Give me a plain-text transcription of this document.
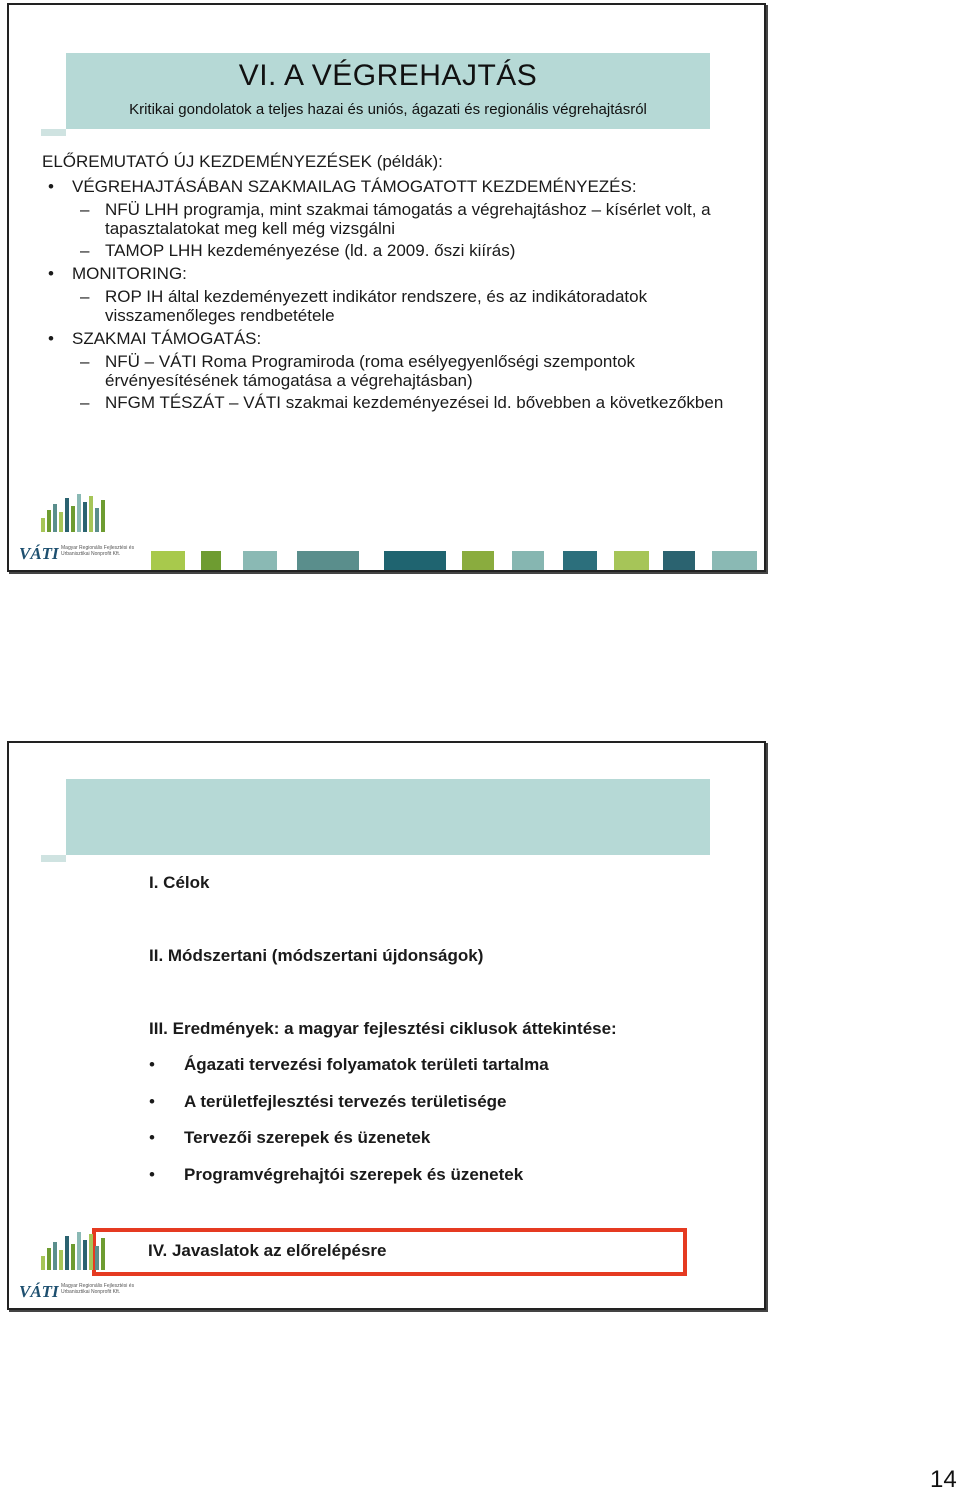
VI. A VÉGREHAJTÁS
Kritikai gondolatok a teljes hazai és uniós, ágazati és regionális végrehajtásról
ELŐREMUTATÓ ÚJ KEZDEMÉNYEZÉSEK (példák):
• VÉGREHAJTÁSÁBAN SZAKMAILAG TÁMOGATOTT KEZDEMÉNYEZÉS:
– NFÜ LHH programja, mint szakmai támogatás a végrehajtáshoz – kísérlet volt, a tapasztalatokat meg kell még vizsgálni
– TAMOP LHH kezdeményezése (ld. a 2009. őszi kiírás)
• MONITORING:
– ROP IH által kezdeményezett indikátor rendszere, és az indikátoradatok visszamenőleges rendbetétele
• SZAKMAI TÁMOGATÁS:
– NFÜ – VÁTI Roma Programiroda (roma esélyegyenlőségi szempontok érvényesítésének támogatása a végrehajtásban)
– NFGM TÉSZÁT – VÁTI szakmai kezdeményezései ld. bővebben a következőkben
VÁTI Magyar Regionális Fejlesztési és Urbanisztikai Nonprofit Kft.
I. Célok
II. Módszertani (módszertani újdonságok)
III. Eredmények: a magyar fejlesztési ciklusok áttekintése:
• Ágazati tervezési folyamatok területi tartalma
• A területfejlesztési tervezés területisége
• Tervezői szerepek és üzenetek
• Programvégrehajtói szerepek és üzenetek
IV. Javaslatok az előrelépésre
VÁTI Magyar Regionális Fejlesztési és Urbanisztikai Nonprofit Kft.
14
